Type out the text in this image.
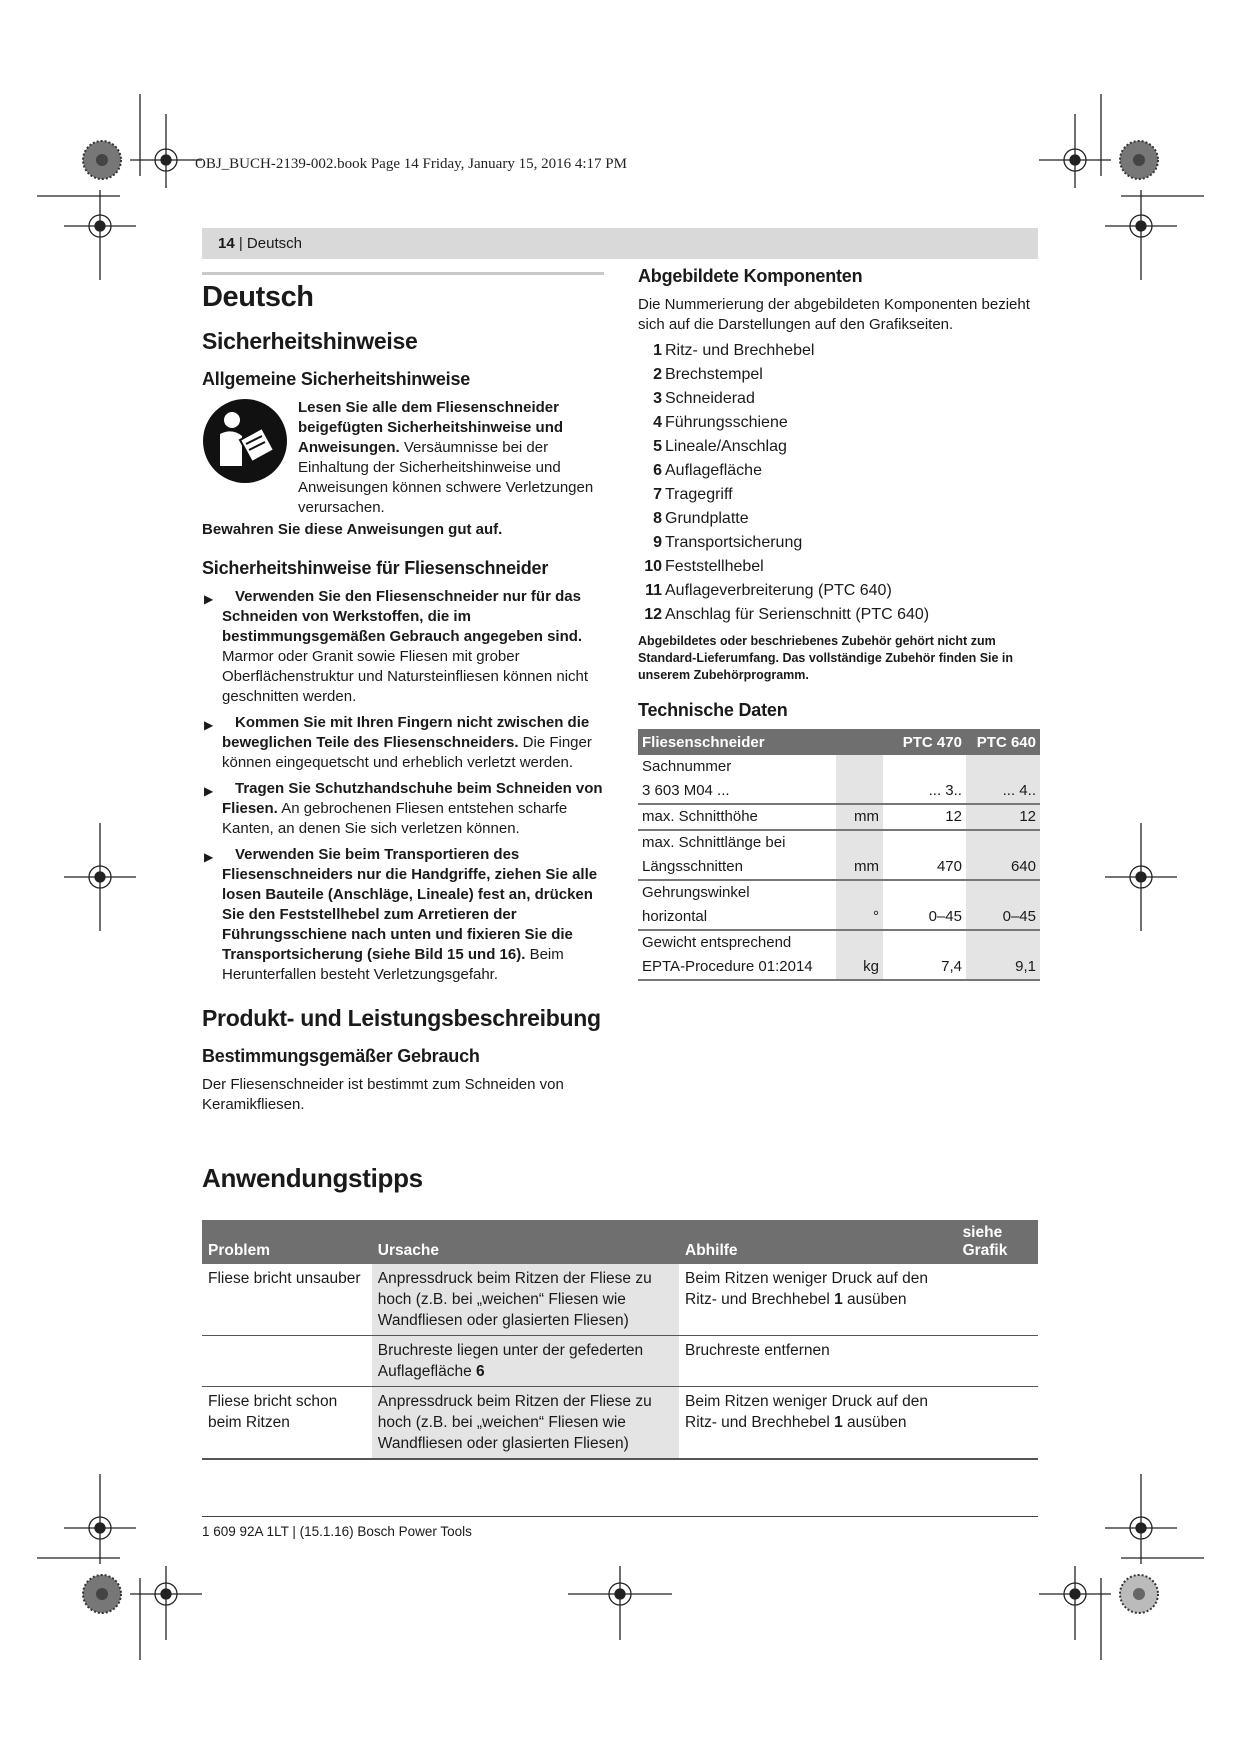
OBJ_BUCH-2139-002.book Page 14 Friday, January 15, 2016 4:17 PM
14 | Deutsch
Deutsch
Sicherheitshinweise
Allgemeine Sicherheitshinweise
Lesen Sie alle dem Fliesenschneider beigefügten Sicherheitshinweise und Anweisungen. Versäumnisse bei der Einhaltung der Sicherheitshinweise und Anweisungen können schwere Verletzungen verursachen.

Bewahren Sie diese Anweisungen gut auf.

Sicherheitshinweise für Fliesenschneider
▶ Verwenden Sie den Fliesenschneider nur für das Schneiden von Werkstoffen, die im bestimmungsgemäßen Gebrauch angegeben sind. Marmor oder Granit sowie Fliesen mit grober Oberflächenstruktur und Natursteinfliesen können nicht geschnitten werden.
▶ Kommen Sie mit Ihren Fingern nicht zwischen die beweglichen Teile des Fliesenschneiders. Die Finger können eingequetscht und erheblich verletzt werden.
▶ Tragen Sie Schutzhandschuhe beim Schneiden von Fliesen. An gebrochenen Fliesen entstehen scharfe Kanten, an denen Sie sich verletzen können.
▶ Verwenden Sie beim Transportieren des Fliesenschneiders nur die Handgriffe, ziehen Sie alle losen Bauteile (Anschläge, Lineale) fest an, drücken Sie den Feststellhebel zum Arretieren der Führungsschiene nach unten und fixieren Sie die Transportsicherung (siehe Bild 15 und 16). Beim Herunterfallen besteht Verletzungsgefahr.
Produkt- und Leistungsbeschreibung
Bestimmungsgemäßer Gebrauch

Der Fliesenschneider ist bestimmt zum Schneiden von Keramikfliesen.

Abgebildete Komponenten

Die Nummerierung der abgebildeten Komponenten bezieht sich auf die Darstellungen auf den Grafikseiten.

1 Ritz- und Brechhebel
2 Brechstempel
3 Schneiderad
4 Führungsschiene
5 Lineale/Anschlag
6 Auflagefläche
7 Tragegriff
8 Grundplatte
9 Transportsicherung
10 Feststellhebel
11 Auflageverbreiterung (PTC 640)
12 Anschlag für Serienschnitt (PTC 640)

Abgebildetes oder beschriebenes Zubehör gehört nicht zum Standard-Lieferumfang. Das vollständige Zubehör finden Sie in unserem Zubehörprogramm.

Technische Daten
Fliesenschneider		PTC 470	PTC 640
Sachnummer			
3 603 M04 ...		... 3..	... 4..
max. Schnitthöhe	mm	12	12
max. Schnittlänge bei			
Längsschnitten	mm	470	640
Gehrungswinkel			
horizontal	°	0–45	0–45
Gewicht entsprechend			
EPTA-Procedure 01:2014	kg	7,4	9,1
Anwendungstipps
Problem	Ursache	Abhilfe	siehe Grafik
Fliese bricht unsauber	Anpressdruck beim Ritzen der Fliese zu hoch (z.B. bei „weichen“ Fliesen wie Wandfliesen oder glasierten Fliesen)	Beim Ritzen weniger Druck auf den Ritz- und Brechhebel 1 ausüben	
	Bruchreste liegen unter der gefederten Auflagefläche 6	Bruchreste entfernen	
Fliese bricht schon beim Ritzen	Anpressdruck beim Ritzen der Fliese zu hoch (z.B. bei „weichen“ Fliesen wie Wandfliesen oder glasierten Fliesen)	Beim Ritzen weniger Druck auf den Ritz- und Brechhebel 1 ausüben	
1 609 92A 1LT | (15.1.16) Bosch Power Tools
